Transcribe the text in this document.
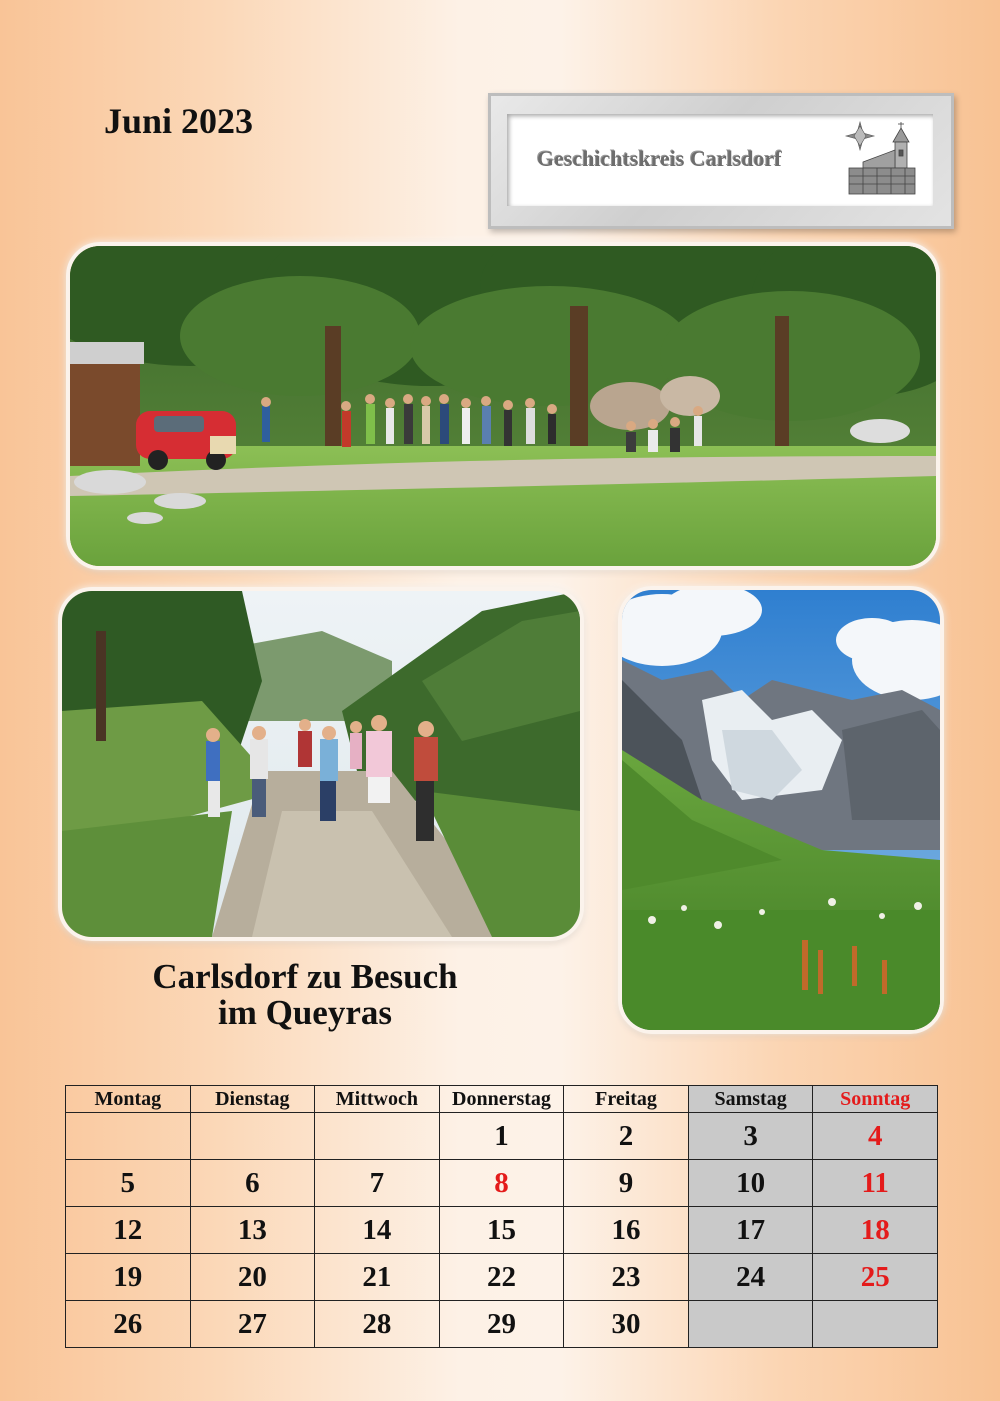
Juni 2023
Geschichtskreis Carlsdorf
Carlsdorf zu Besuch
im Queyras
Montag	Dienstag	Mittwoch	Donnerstag	Freitag	Samstag	Sonntag
			1	2	3	4
5	6	7	8	9	10	11
12	13	14	15	16	17	18
19	20	21	22	23	24	25
26	27	28	29	30		
